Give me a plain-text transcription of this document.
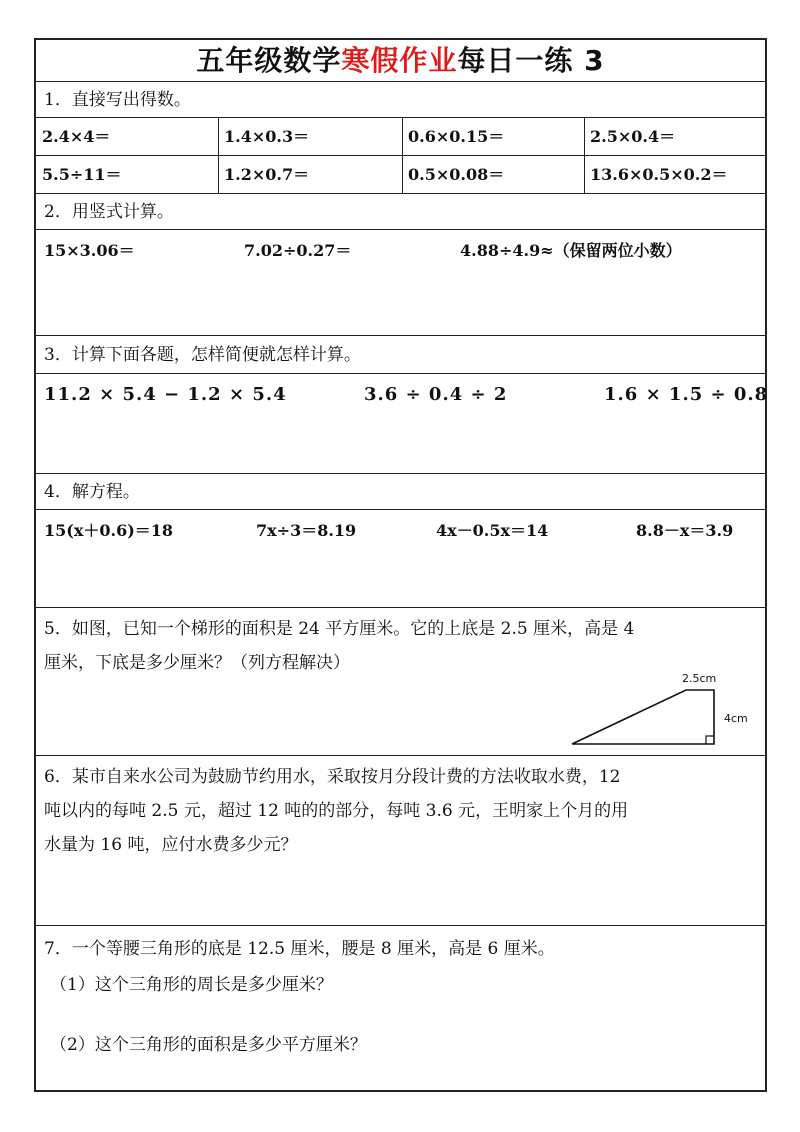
五年级数学寒假作业每日一练 3
1．直接写出得数。
2.4×4＝	1.4×0.3＝	0.6×0.15＝	2.5×0.4＝
5.5÷11＝	1.2×0.7＝	0.5×0.08＝	13.6×0.5×0.2＝
2．用竖式计算。
15×3.06＝	7.02÷0.27＝	4.88÷4.9≈（保留两位小数）
3．计算下面各题，怎样简便就怎样计算。
11.2 × 5.4 − 1.2 × 5.4	3.6 ÷ 0.4 ÷ 2	1.6 × 1.5 ÷ 0.8
4．解方程。
15(x＋0.6)＝18	7x÷3＝8.19	4x－0.5x＝14	8.8－x＝3.9
5．如图，已知一个梯形的面积是 24 平方厘米。它的上底是 2.5 厘米，高是 4
厘米，下底是多少厘米？（列方程解决）
2.5cm
4cm
6．某市自来水公司为鼓励节约用水，采取按月分段计费的方法收取水费，12
吨以内的每吨 2.5 元，超过 12 吨的的部分，每吨 3.6 元，王明家上个月的用
水量为 16 吨，应付水费多少元？
7．一个等腰三角形的底是 12.5 厘米，腰是 8 厘米，高是 6 厘米。
（1）这个三角形的周长是多少厘米？
（2）这个三角形的面积是多少平方厘米？
